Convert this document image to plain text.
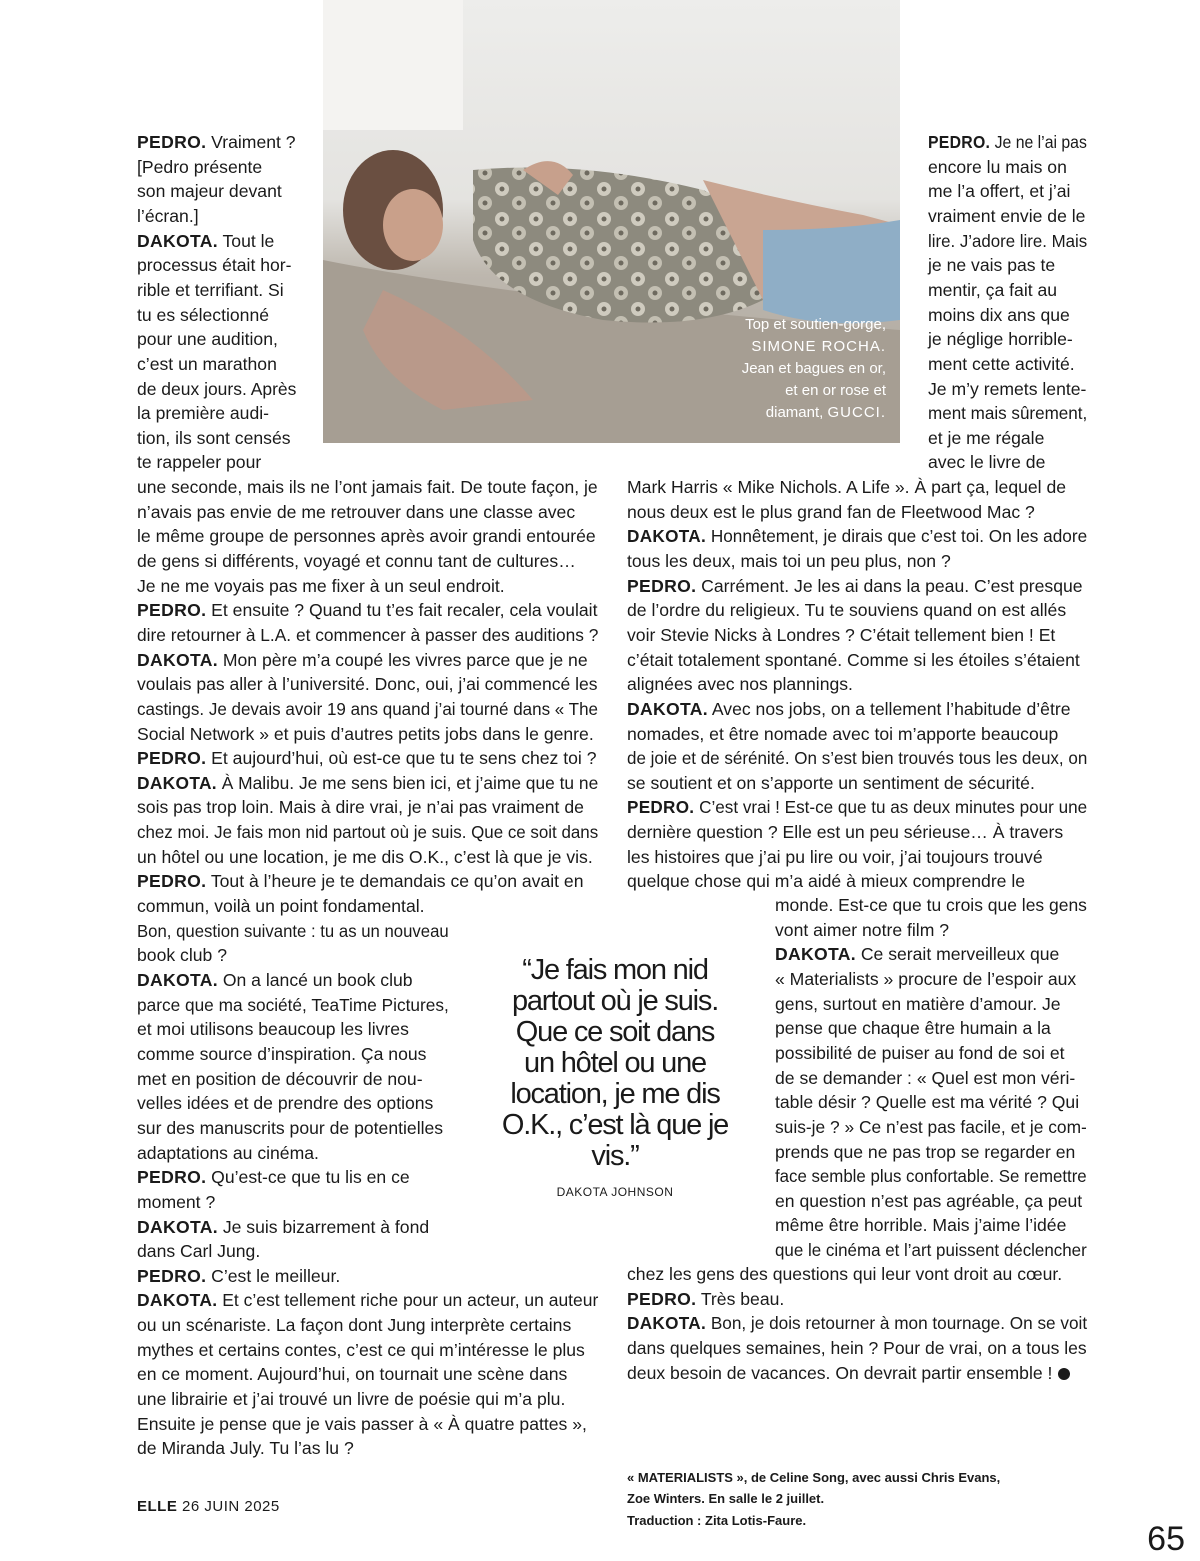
Top et soutien-gorge,
SIMONE ROCHA.
Jean et bagues en or,
et en or rose et
diamant, GUCCI.
PEDRO. Vraiment ?
[Pedro présente
son majeur devant
l’écran.]
DAKOTA. Tout le
processus était hor-
rible et terrifiant. Si
tu es sélectionné
pour une audition,
c’est un marathon
de deux jours. Après
la première audi-
tion, ils sont censés
te rappeler pour
une seconde, mais ils ne l’ont jamais fait. De toute façon, je
n’avais pas envie de me retrouver dans une classe avec
le même groupe de personnes après avoir grandi entourée
de gens si différents, voyagé et connu tant de cultures…
Je ne me voyais pas me fixer à un seul endroit.
PEDRO. Et ensuite ? Quand tu t’es fait recaler, cela voulait
dire retourner à L.A. et commencer à passer des auditions ?
DAKOTA. Mon père m’a coupé les vivres parce que je ne
voulais pas aller à l’université. Donc, oui, j’ai commencé les
castings. Je devais avoir 19 ans quand j’ai tourné dans « The
Social Network » et puis d’autres petits jobs dans le genre.
PEDRO. Et aujourd’hui, où est-ce que tu te sens chez toi ?
DAKOTA. À Malibu. Je me sens bien ici, et j’aime que tu ne
sois pas trop loin. Mais à dire vrai, je n’ai pas vraiment de
chez moi. Je fais mon nid partout où je suis. Que ce soit dans
un hôtel ou une location, je me dis O.K., c’est là que je vis.
PEDRO. Tout à l’heure je te demandais ce qu’on avait en
commun, voilà un point fondamental.
Bon, question suivante : tu as un nouveau
book club ?
DAKOTA. On a lancé un book club
parce que ma société, TeaTime Pictures,
et moi utilisons beaucoup les livres
comme source d’inspiration. Ça nous
met en position de découvrir de nou-
velles idées et de prendre des options
sur des manuscrits pour de potentielles
adaptations au cinéma.
PEDRO. Qu’est-ce que tu lis en ce
moment ?
DAKOTA. Je suis bizarrement à fond
dans Carl Jung.
PEDRO. C’est le meilleur.
DAKOTA. Et c’est tellement riche pour un acteur, un auteur
ou un scénariste. La façon dont Jung interprète certains
mythes et certains contes, c’est ce qui m’intéresse le plus
en ce moment. Aujourd’hui, on tournait une scène dans
une librairie et j’ai trouvé un livre de poésie qui m’a plu.
Ensuite je pense que je vais passer à « À quatre pattes »,
de Miranda July. Tu l’as lu ?
PEDRO. Je ne l’ai pas
encore lu mais on
me l’a offert, et j’ai
vraiment envie de le
lire. J’adore lire. Mais
je ne vais pas te
mentir, ça fait au
moins dix ans que
je néglige horrible-
ment cette activité.
Je m’y remets lente-
ment mais sûrement,
et je me régale
avec le livre de
Mark Harris « Mike Nichols. A Life ». À part ça, lequel de
nous deux est le plus grand fan de Fleetwood Mac ?
DAKOTA. Honnêtement, je dirais que c’est toi. On les adore
tous les deux, mais toi un peu plus, non ?
PEDRO. Carrément. Je les ai dans la peau. C’est presque
de l’ordre du religieux. Tu te souviens quand on est allés
voir Stevie Nicks à Londres ? C’était tellement bien ! Et
c’était totalement spontané. Comme si les étoiles s’étaient
alignées avec nos plannings.
DAKOTA. Avec nos jobs, on a tellement l’habitude d’être
nomades, et être nomade avec toi m’apporte beaucoup
de joie et de sérénité. On s’est bien trouvés tous les deux, on
se soutient et on s’apporte un sentiment de sécurité.
PEDRO. C’est vrai ! Est-ce que tu as deux minutes pour une
dernière question ? Elle est un peu sérieuse… À travers
les histoires que j’ai pu lire ou voir, j’ai toujours trouvé
quelque chose qui m’a aidé à mieux comprendre le
monde. Est-ce que tu crois que les gens
vont aimer notre film ?
DAKOTA. Ce serait merveilleux que
« Materialists » procure de l’espoir aux
gens, surtout en matière d’amour. Je
pense que chaque être humain a la
possibilité de puiser au fond de soi et
de se demander : « Quel est mon véri-
table désir ? Quelle est ma vérité ? Qui
suis-je ? » Ce n’est pas facile, et je com-
prends que ne pas trop se regarder en
face semble plus confortable. Se remettre
en question n’est pas agréable, ça peut
même être horrible. Mais j’aime l’idée
que le cinéma et l’art puissent déclencher
chez les gens des questions qui leur vont droit au cœur.
PEDRO. Très beau.
DAKOTA. Bon, je dois retourner à mon tournage. On se voit
dans quelques semaines, hein ? Pour de vrai, on a tous les
deux besoin de vacances. On devrait partir ensemble !
“Je fais mon nid partout où je suis. Que ce soit dans un hôtel ou une location, je me dis O.K., c’est là que je vis.”
DAKOTA JOHNSON
« MATERIALISTS », de Celine Song, avec aussi Chris Evans,
Zoe Winters. En salle le 2 juillet.
Traduction : Zita Lotis-Faure.
ELLE 26 JUIN 2025
65
